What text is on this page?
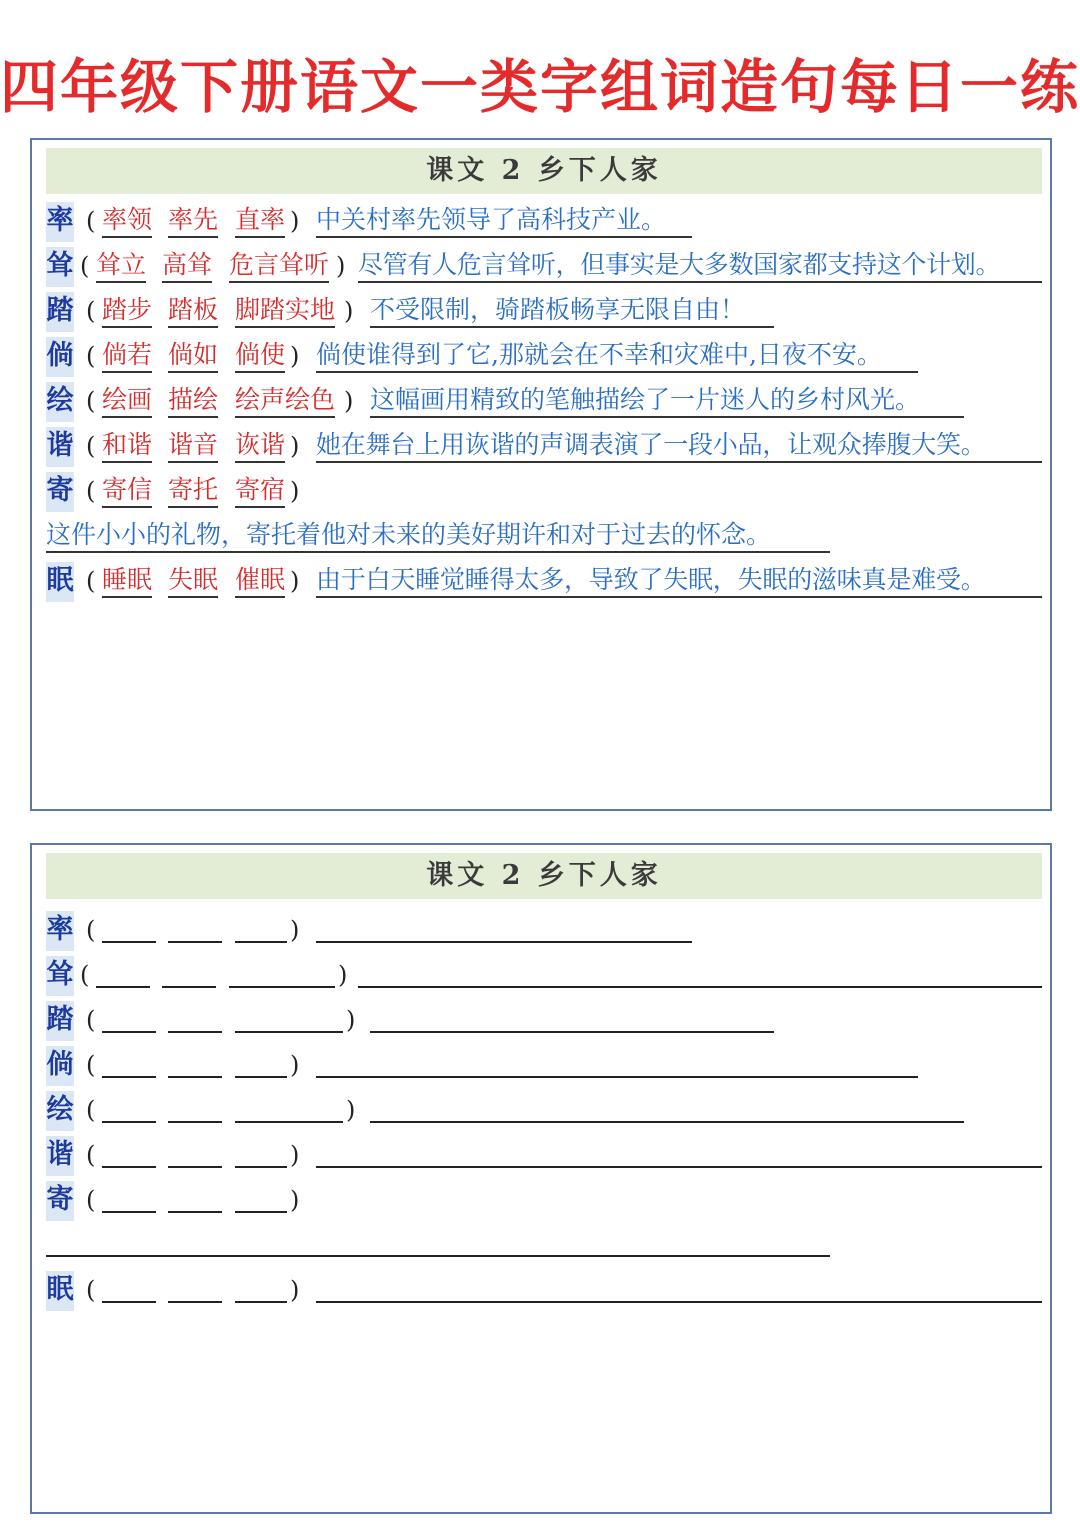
四年级下册语文一类字组词造句每日一练
课文 2 乡下人家
率 ( 率领 率先 直率 ) 中关村率先领导了高科技产业。
耸 ( 耸立 高耸 危言耸听 ) 尽管有人危言耸听，但事实是大多数国家都支持这个计划。
踏 ( 踏步 踏板 脚踏实地 ) 不受限制，骑踏板畅享无限自由！
倘 ( 倘若 倘如 倘使 ) 倘使谁得到了它,那就会在不幸和灾难中,日夜不安。
绘 ( 绘画 描绘 绘声绘色 ) 这幅画用精致的笔触描绘了一片迷人的乡村风光。
谐 ( 和谐 谐音 诙谐 ) 她在舞台上用诙谐的声调表演了一段小品，让观众捧腹大笑。
寄 ( 寄信 寄托 寄宿 )
这件小小的礼物，寄托着他对未来的美好期许和对于过去的怀念。
眠 ( 睡眠 失眠 催眠 ) 由于白天睡觉睡得太多，导致了失眠，失眠的滋味真是难受。
课文 2 乡下人家
率 (	)
耸 (	)
踏 (	)
倘 (	)
绘 (	)
谐 (	)
寄 (	)
眠 (	)
